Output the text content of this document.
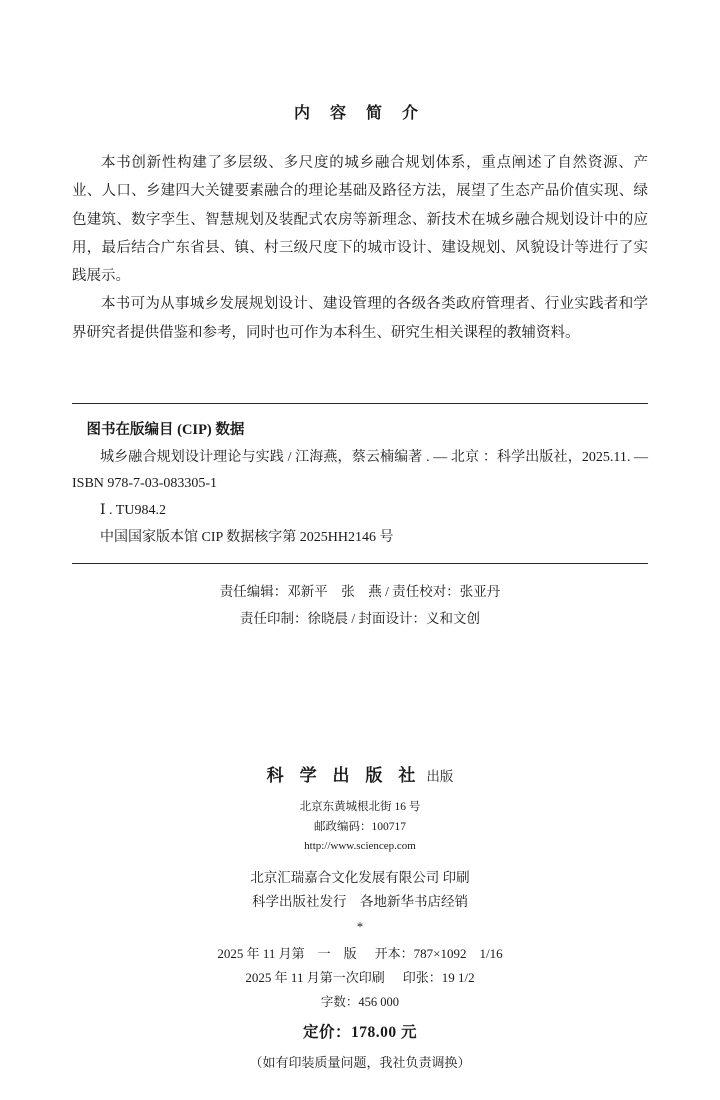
内 容 简 介

本书创新性构建了多层级、多尺度的城乡融合规划体系，重点阐述了自然资源、产业、人口、乡建四大关键要素融合的理论基础及路径方法，展望了生态产品价值实现、绿色建筑、数字孪生、智慧规划及装配式农房等新理念、新技术在城乡融合规划设计中的应用，最后结合广东省县、镇、村三级尺度下的城市设计、建设规划、风貌设计等进行了实践展示。

本书可为从事城乡发展规划设计、建设管理的各级各类政府管理者、行业实践者和学界研究者提供借鉴和参考，同时也可作为本科生、研究生相关课程的教辅资料。

图书在版编目 (CIP) 数据

城乡融合规划设计理论与实践 / 江海燕，蔡云楠编著 . — 北京 ：科学出版社，2025.11. — ISBN 978-7-03-083305-1

Ⅰ . TU984.2

中国国家版本馆 CIP 数据核字第 2025HH2146 号

责任编辑：邓新平　张　燕 / 责任校对：张亚丹
责任印制：徐晓晨 / 封面设计：义和文创
科 学 出 版 社 出版
北京东黄城根北街 16 号
邮政编码：100717
http://www.sciencep.com
北京汇瑞嘉合文化发展有限公司 印刷
科学出版社发行　各地新华书店经销
*
2025 年 11 月第　一　版 开本：787×1092　1/16
2025 年 11 月第一次印刷 印张：19 1/2
字数：456 000
定价：178.00 元
（如有印装质量问题，我社负责调换）
